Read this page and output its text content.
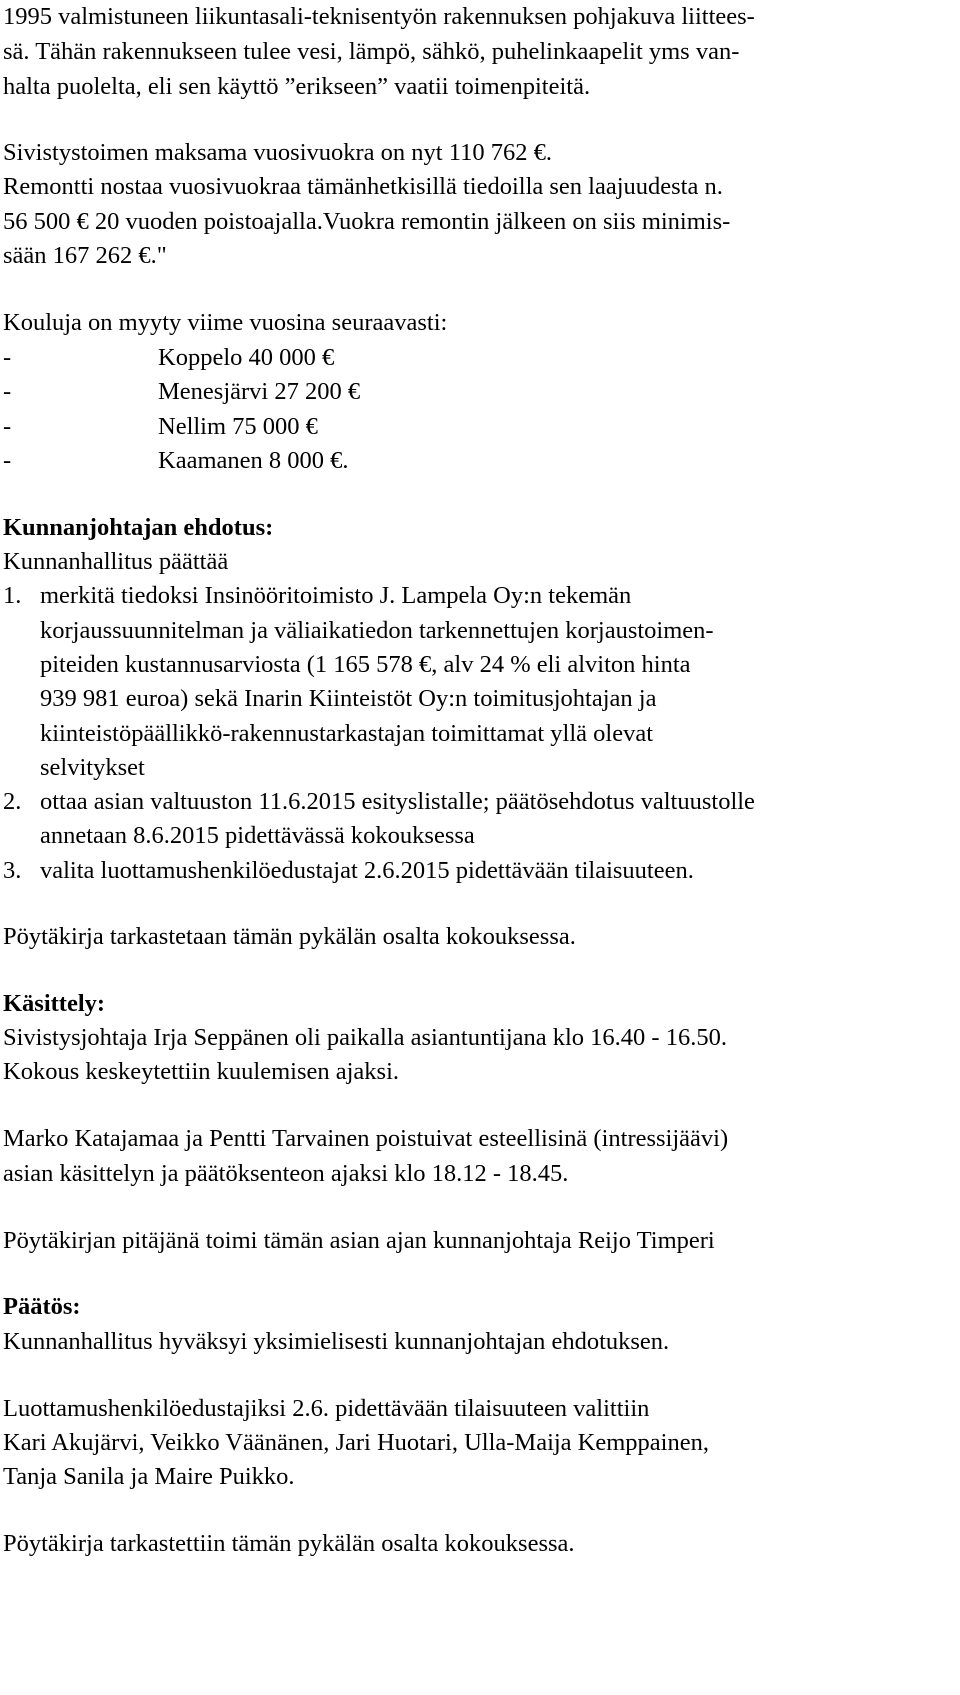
1995 valmistuneen liikuntasali-teknisentyön rakennuksen pohjakuva liittees-
sä. Tähän rakennukseen tulee vesi, lämpö, sähkö, puhelinkaapelit yms van-
halta puolelta, eli sen käyttö ”erikseen” vaatii toimenpiteitä.
Sivistystoimen maksama vuosivuokra on nyt 110 762 €.
Remontti nostaa vuosivuokraa tämänhetkisillä tiedoilla sen laajuudesta n.
56 500 € 20 vuoden poistoajalla.Vuokra remontin jälkeen on siis minimis-
sään 167 262 €."
Kouluja on myyty viime vuosina seuraavasti:
-	Koppelo 40 000 €
-	Menesjärvi 27 200 €
-	Nellim 75 000 €
-	Kaamanen 8 000 €.
Kunnanjohtajan ehdotus:
Kunnanhallitus päättää
1. merkitä tiedoksi Insinööritoimisto J. Lampela Oy:n tekemän
korjaussuunnitelman ja väliaikatiedon tarkennettujen korjaustoimen-
piteiden kustannusarviosta (1 165 578 €, alv 24 % eli alviton hinta
939 981 euroa) sekä Inarin Kiinteistöt Oy:n toimitusjohtajan ja
kiinteistöpäällikkö-rakennustarkastajan toimittamat yllä olevat
selvitykset
2. ottaa asian valtuuston 11.6.2015 esityslistalle; päätösehdotus valtuustolle
annetaan 8.6.2015 pidettävässä kokouksessa
3. valita luottamushenkilöedustajat 2.6.2015 pidettävään tilaisuuteen.
Pöytäkirja tarkastetaan tämän pykälän osalta kokouksessa.
Käsittely:
Sivistysjohtaja Irja Seppänen oli paikalla asiantuntijana klo 16.40 - 16.50.
Kokous keskeytettiin kuulemisen ajaksi.
Marko Katajamaa ja Pentti Tarvainen poistuivat esteellisinä (intressijäävi)
asian käsittelyn ja päätöksenteon ajaksi klo 18.12 - 18.45.
Pöytäkirjan pitäjänä toimi tämän asian ajan kunnanjohtaja Reijo Timperi
Päätös:
Kunnanhallitus hyväksyi yksimielisesti kunnanjohtajan ehdotuksen.
Luottamushenkilöedustajiksi 2.6. pidettävään tilaisuuteen valittiin
Kari Akujärvi, Veikko Väänänen, Jari Huotari, Ulla-Maija Kemppainen,
Tanja Sanila ja Maire Puikko.
Pöytäkirja tarkastettiin tämän pykälän osalta kokouksessa.
